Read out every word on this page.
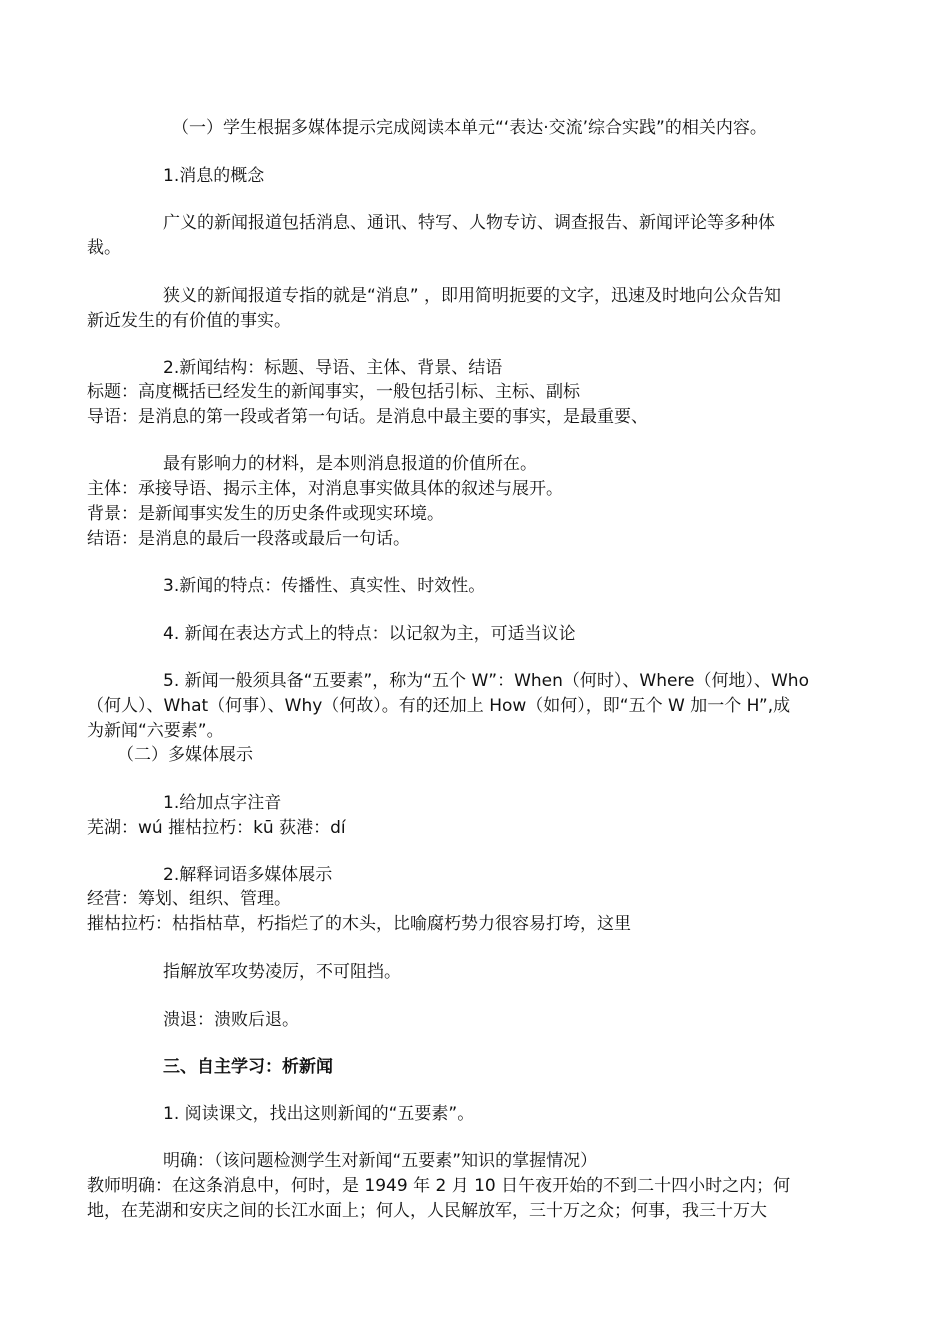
（一）学生根据多媒体提示完成阅读本单元“‘表达·交流’综合实践”的相关内容。

1.消息的概念

广义的新闻报道包括消息、通讯、特写、人物专访、调查报告、新闻评论等多种体

裁。

狭义的新闻报道专指的就是“消息” ，即用简明扼要的文字，迅速及时地向公众告知

新近发生的有价值的事实。

2.新闻结构：标题、导语、主体、背景、结语

标题：高度概括已经发生的新闻事实，一般包括引标、主标、副标

导语：是消息的第一段或者第一句话。是消息中最主要的事实，是最重要、

最有影响力的材料，是本则消息报道的价值所在。

主体：承接导语、揭示主体，对消息事实做具体的叙述与展开。

背景：是新闻事实发生的历史条件或现实环境。

结语：是消息的最后一段落或最后一句话。

3.新闻的特点：传播性、真实性、时效性。

4. 新闻在表达方式上的特点：以记叙为主，可适当议论

5. 新闻一般须具备“五要素”，称为“五个 W”：When（何时）、Where（何地）、Who

（何人）、What（何事）、Why（何故）。有的还加上 How（如何），即“五个 W 加一个 H”,成

为新闻“六要素”。

（二）多媒体展示

1.给加点字注音

芜湖：wú 摧枯拉朽：kū 荻港：dí

2.解释词语多媒体展示

经营：筹划、组织、管理。

摧枯拉朽：枯指枯草，朽指烂了的木头，比喻腐朽势力很容易打垮，这里

指解放军攻势凌厉，不可阻挡。

溃退：溃败后退。

三、自主学习：析新闻

1. 阅读课文，找出这则新闻的“五要素”。

明确：（该问题检测学生对新闻“五要素”知识的掌握情况）

教师明确：在这条消息中，何时，是 1949 年 2 月 10 日午夜开始的不到二十四小时之内；何

地，在芜湖和安庆之间的长江水面上；何人，人民解放军，三十万之众；何事，我三十万大
